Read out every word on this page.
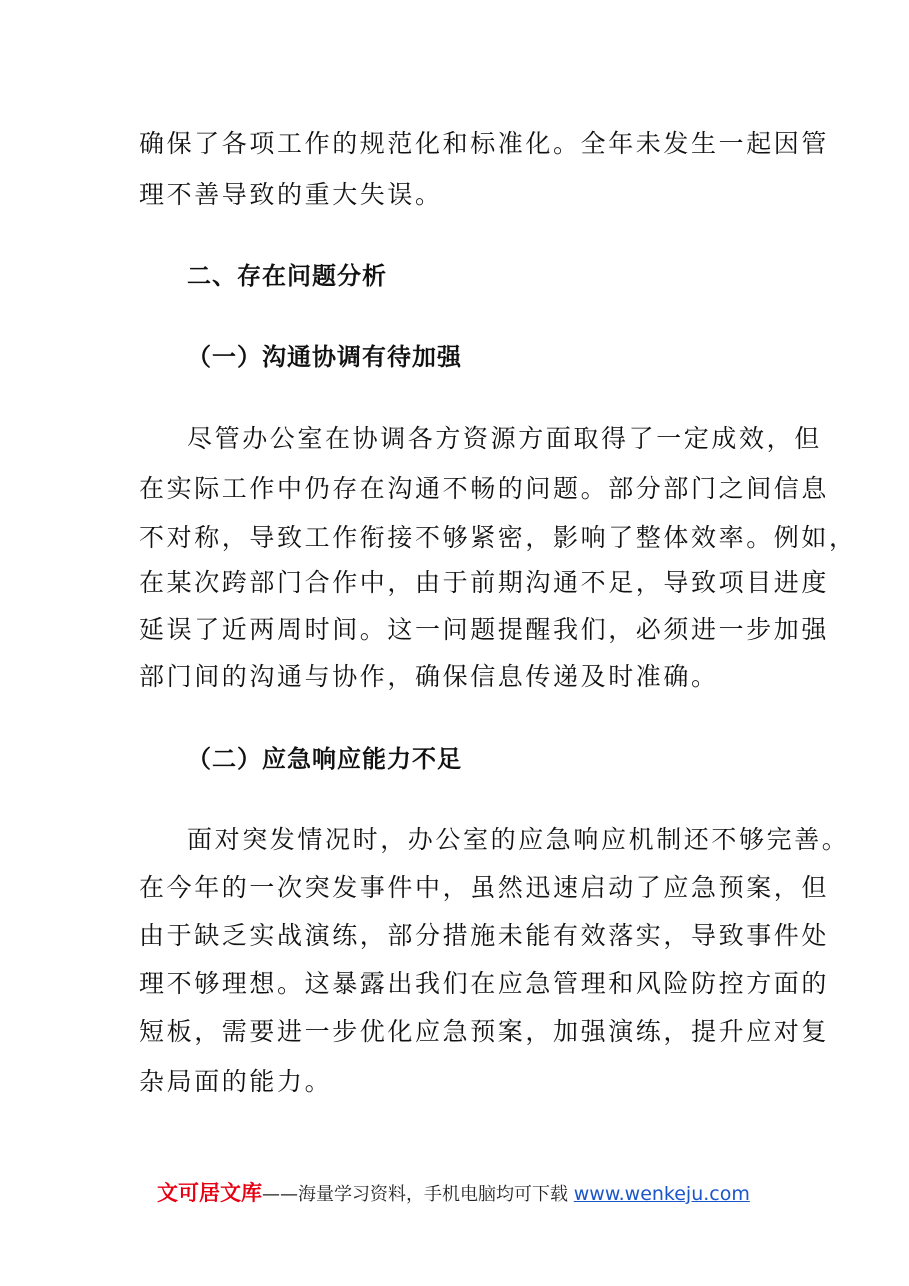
确保了各项工作的规范化和标准化。全年未发生一起因管
理不善导致的重大失误。
二、存在问题分析
（一）沟通协调有待加强
尽管办公室在协调各方资源方面取得了一定成效，但
在实际工作中仍存在沟通不畅的问题。部分部门之间信息
不对称，导致工作衔接不够紧密，影响了整体效率。例如，
在某次跨部门合作中，由于前期沟通不足，导致项目进度
延误了近两周时间。这一问题提醒我们，必须进一步加强
部门间的沟通与协作，确保信息传递及时准确。
（二）应急响应能力不足
面对突发情况时，办公室的应急响应机制还不够完善。
在今年的一次突发事件中，虽然迅速启动了应急预案，但
由于缺乏实战演练，部分措施未能有效落实，导致事件处
理不够理想。这暴露出我们在应急管理和风险防控方面的
短板，需要进一步优化应急预案，加强演练，提升应对复
杂局面的能力。
文可居文库——海量学习资料，手机电脑均可下载 www.wenkeju.com
